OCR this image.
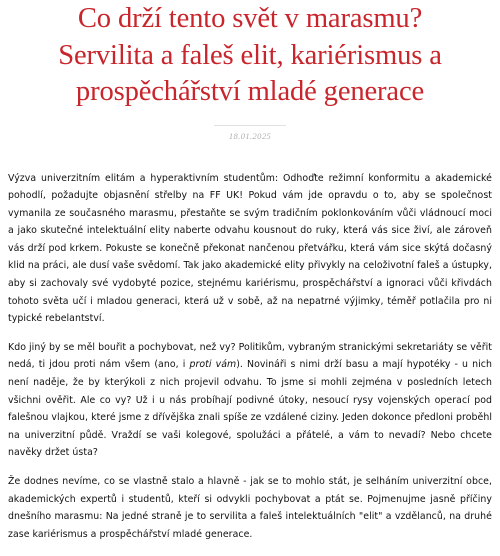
Co drží tento svět v marasmu?
Servilita a faleš elit, kariérismus a
prospěchářství mladé generace
18.01.2025

Výzva univerzitním elitám a hyperaktivním studentům: Odhoďte režimní konformitu a akademické pohodlí, požadujte objasnění střelby na FF UK! Pokud vám jde opravdu o to, aby se společnost vymanila ze současného marasmu, přestaňte se svým tradičním poklonkováním vůči vládnoucí moci a jako skutečné intelektuální elity naberte odvahu kousnout do ruky, která vás sice živí, ale zároveň vás drží pod krkem. Pokuste se konečně překonat nančenou přetvářku, která vám sice skýtá dočasný klid na práci, ale dusí vaše svědomí. Tak jako akademické elity přivykly na celoživotní faleš a ústupky, aby si zachovaly své vydobyté pozice, stejnému kariérismu, prospěchářství a ignoraci vůči křivdách tohoto světa učí i mladou generaci, která už v sobě, až na nepatrné výjimky, téměř potlačila pro ni typické rebelantství.

Kdo jiný by se měl bouřit a pochybovat, než vy? Politikům, vybraným stranickými sekretariáty se věřit nedá, ti jdou proti nám všem (ano, i proti vám). Novináři s nimi drží basu a mají hypotéky - u nich není naděje, že by kterýkoli z nich projevil odvahu. To jsme si mohli zejména v posledních letech všichni ověřit. Ale co vy? Už i u nás probíhají podivné útoky, nesoucí rysy vojenských operací pod falešnou vlajkou, které jsme z dřívějška znali spíše ze vzdálené ciziny. Jeden dokonce předloni proběhl na univerzitní půdě. Vraždí se vaši kolegové, spolužáci a přátelé, a vám to nevadí? Nebo chcete navěky držet ústa?

Že dodnes nevíme, co se vlastně stalo a hlavně - jak se to mohlo stát, je selháním univerzitní obce, akademických expertů i studentů, kteří si odvykli pochybovat a ptát se. Pojmenujme jasně příčiny dnešního marasmu: Na jedné straně je to servilita a faleš intelektuálních "elit" a vzdělanců, na druhé zase kariérismus a prospěchářství mladé generace.
